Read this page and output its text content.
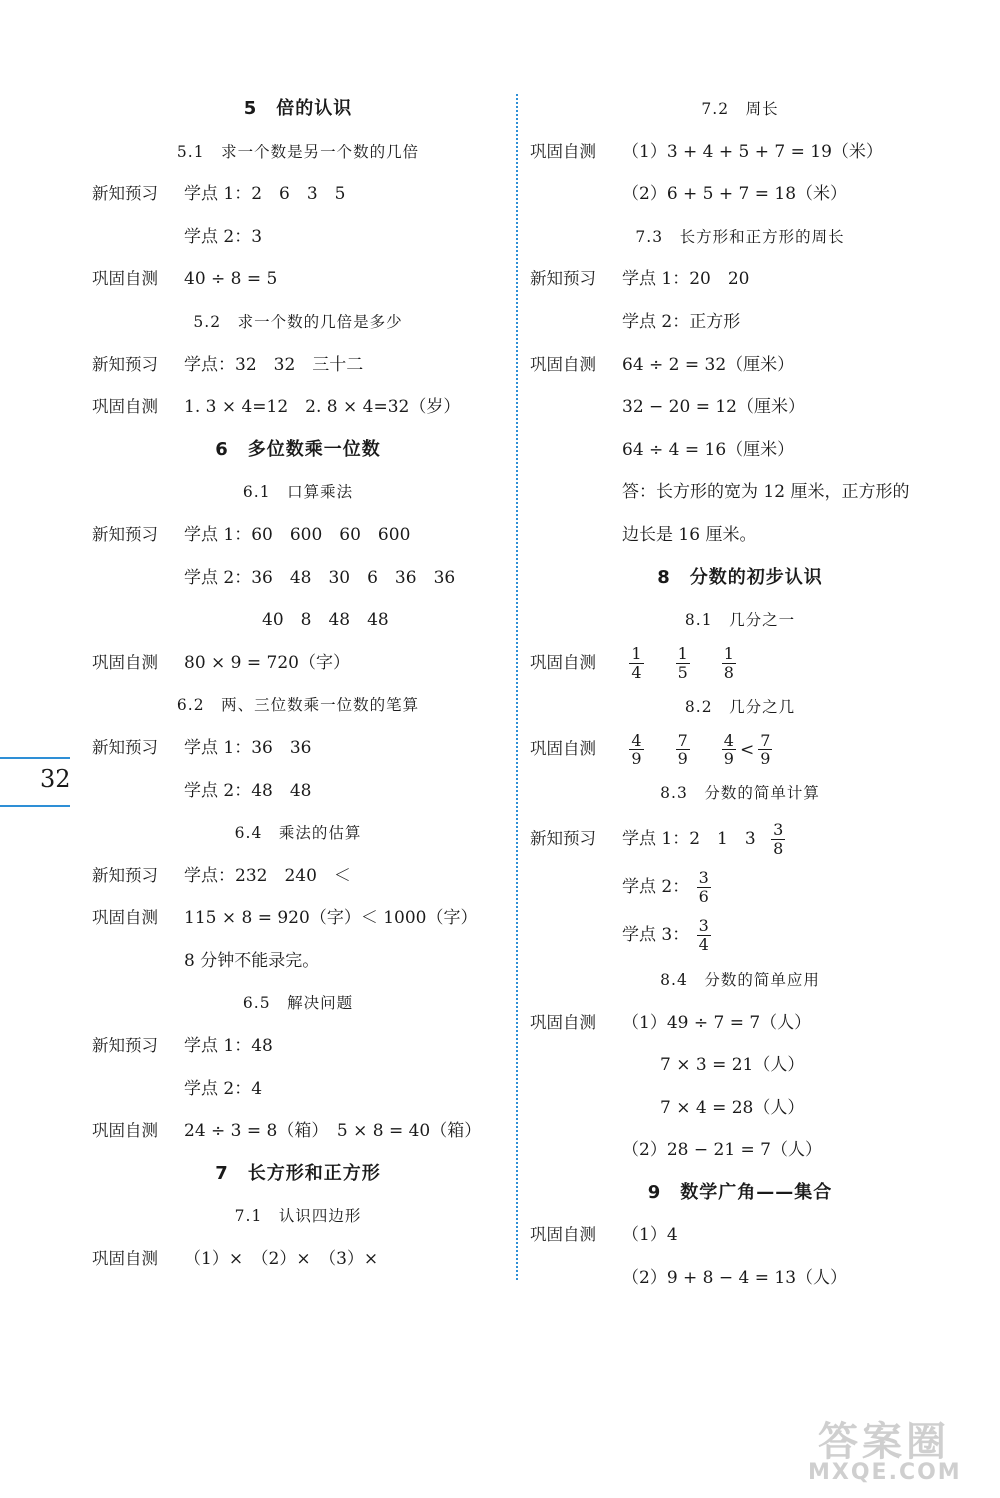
5　倍的认识
5.1　求一个数是另一个数的几倍
新知预习 学点 1：2　6　3　5
学点 2：3
巩固自测 40 ÷ 8 = 5
5.2　求一个数的几倍是多少
新知预习 学点：32　32　三十二
巩固自测 1. 3 × 4=12　2. 8 × 4=32（岁）
6　多位数乘一位数
6.1　口算乘法
新知预习 学点 1：60　600　60　600
学点 2：36　48　30　6　36　36
40　8　48　48
巩固自测 80 × 9 = 720（字）
6.2　两、三位数乘一位数的笔算
新知预习 学点 1：36　36
学点 2：48　48
6.4　乘法的估算
新知预习 学点：232　240　＜
巩固自测 115 × 8 = 920（字）＜ 1000（字）
8 分钟不能录完。
6.5　解决问题
新知预习 学点 1：48
学点 2：4
巩固自测 24 ÷ 3 = 8（箱）　5 × 8 = 40（箱）
7　长方形和正方形
7.1　认识四边形
巩固自测 （1）×　（2）×　（3）×
7.2　周长
巩固自测 （1）3 + 4 + 5 + 7 = 19（米）
（2）6 + 5 + 7 = 18（米）
7.3　长方形和正方形的周长
新知预习 学点 1：20　20
学点 2：正方形
巩固自测 64 ÷ 2 = 32（厘米）
32 − 20 = 12（厘米）
64 ÷ 4 = 16（厘米）
答：长方形的宽为 12 厘米，正方形的
边长是 16 厘米。
8　分数的初步认识
8.1　几分之一
巩固自测 $\frac{1}{4} \frac{1}{5} \frac{1}{8}$
8.2　几分之几
巩固自测 $\frac{4}{9} \frac{7}{9} \frac{4}{9} < \frac{7}{9}$
8.3　分数的简单计算
新知预习 学点 1：2　1　$3 \frac{3}{8}$
学点 2： $\frac{3}{6}$
学点 3： $\frac{3}{4}$
8.4　分数的简单应用
巩固自测 （1）49 ÷ 7 = 7（人）
7 × 3 = 21（人）
7 × 4 = 28（人）
（2）28 − 21 = 7（人）
9　数学广角——集合
巩固自测 （1）4
（2）9 + 8 − 4 = 13（人）
32
答案圈
MXQE.COM
